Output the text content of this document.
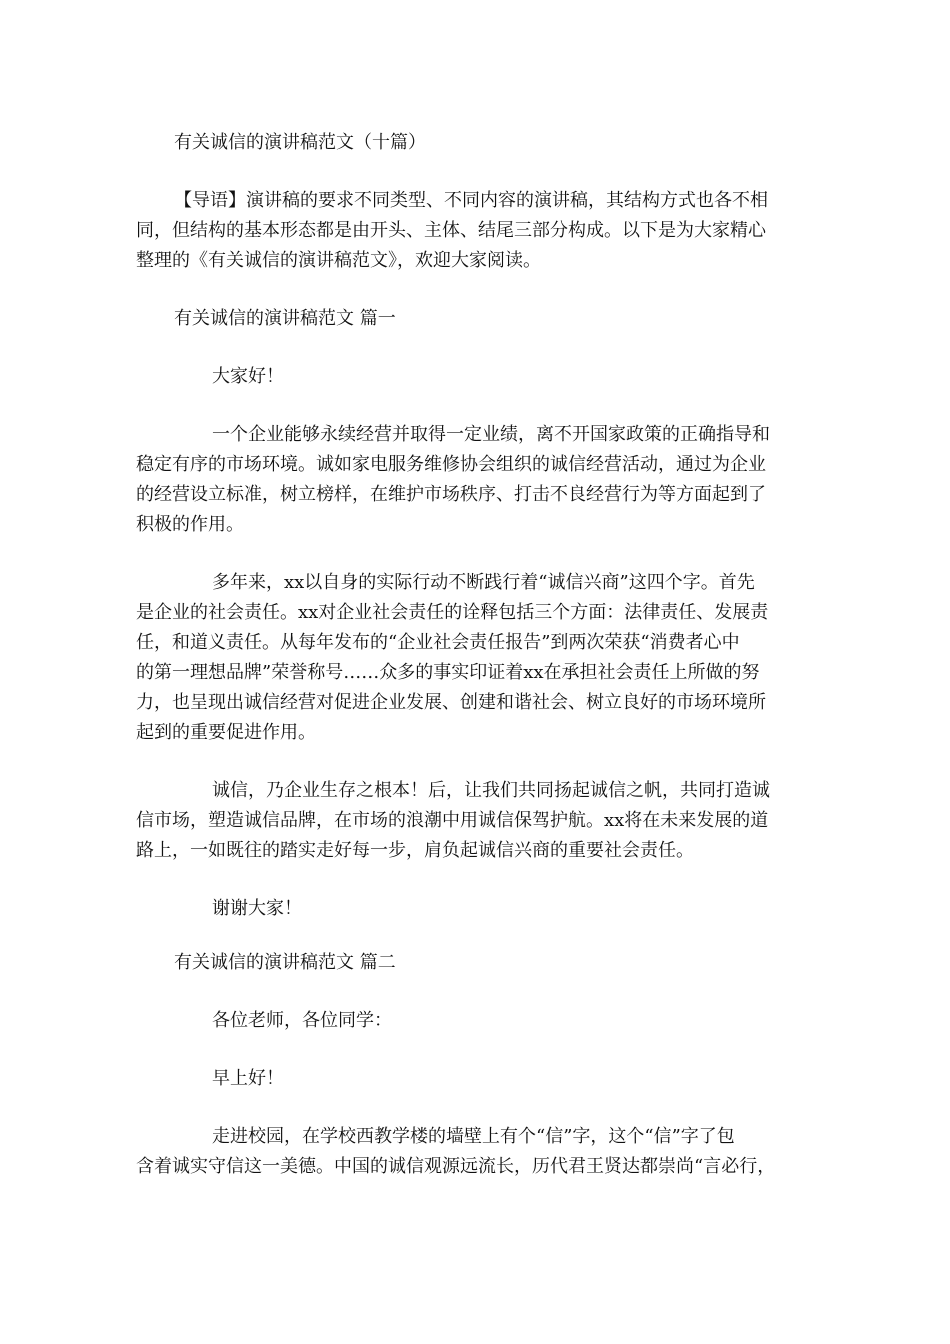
有关诚信的演讲稿范文（十篇）
【导语】演讲稿的要求不同类型、不同内容的演讲稿，其结构方式也各不相
同，但结构的基本形态都是由开头、主体、结尾三部分构成。以下是为大家精心
整理的《有关诚信的演讲稿范文》，欢迎大家阅读。
有关诚信的演讲稿范文 篇一
大家好！
一个企业能够永续经营并取得一定业绩，离不开国家政策的正确指导和
稳定有序的市场环境。诚如家电服务维修协会组织的诚信经营活动，通过为企业
的经营设立标准，树立榜样，在维护市场秩序、打击不良经营行为等方面起到了
积极的作用。
多年来，xx以自身的实际行动不断践行着“诚信兴商”这四个字。首先
是企业的社会责任。xx对企业社会责任的诠释包括三个方面：法律责任、发展责
任，和道义责任。从每年发布的“企业社会责任报告”到两次荣获“消费者心中
的第一理想品牌”荣誉称号……众多的事实印证着xx在承担社会责任上所做的努
力，也呈现出诚信经营对促进企业发展、创建和谐社会、树立良好的市场环境所
起到的重要促进作用。
诚信，乃企业生存之根本！后，让我们共同扬起诚信之帆，共同打造诚
信市场，塑造诚信品牌，在市场的浪潮中用诚信保驾护航。xx将在未来发展的道
路上，一如既往的踏实走好每一步，肩负起诚信兴商的重要社会责任。
谢谢大家！
有关诚信的演讲稿范文 篇二
各位老师，各位同学：
早上好！
走进校园，在学校西教学楼的墙壁上有个“信”字，这个“信”字了包
含着诚实守信这一美德。中国的诚信观源远流长，历代君王贤达都崇尚“言必行，
